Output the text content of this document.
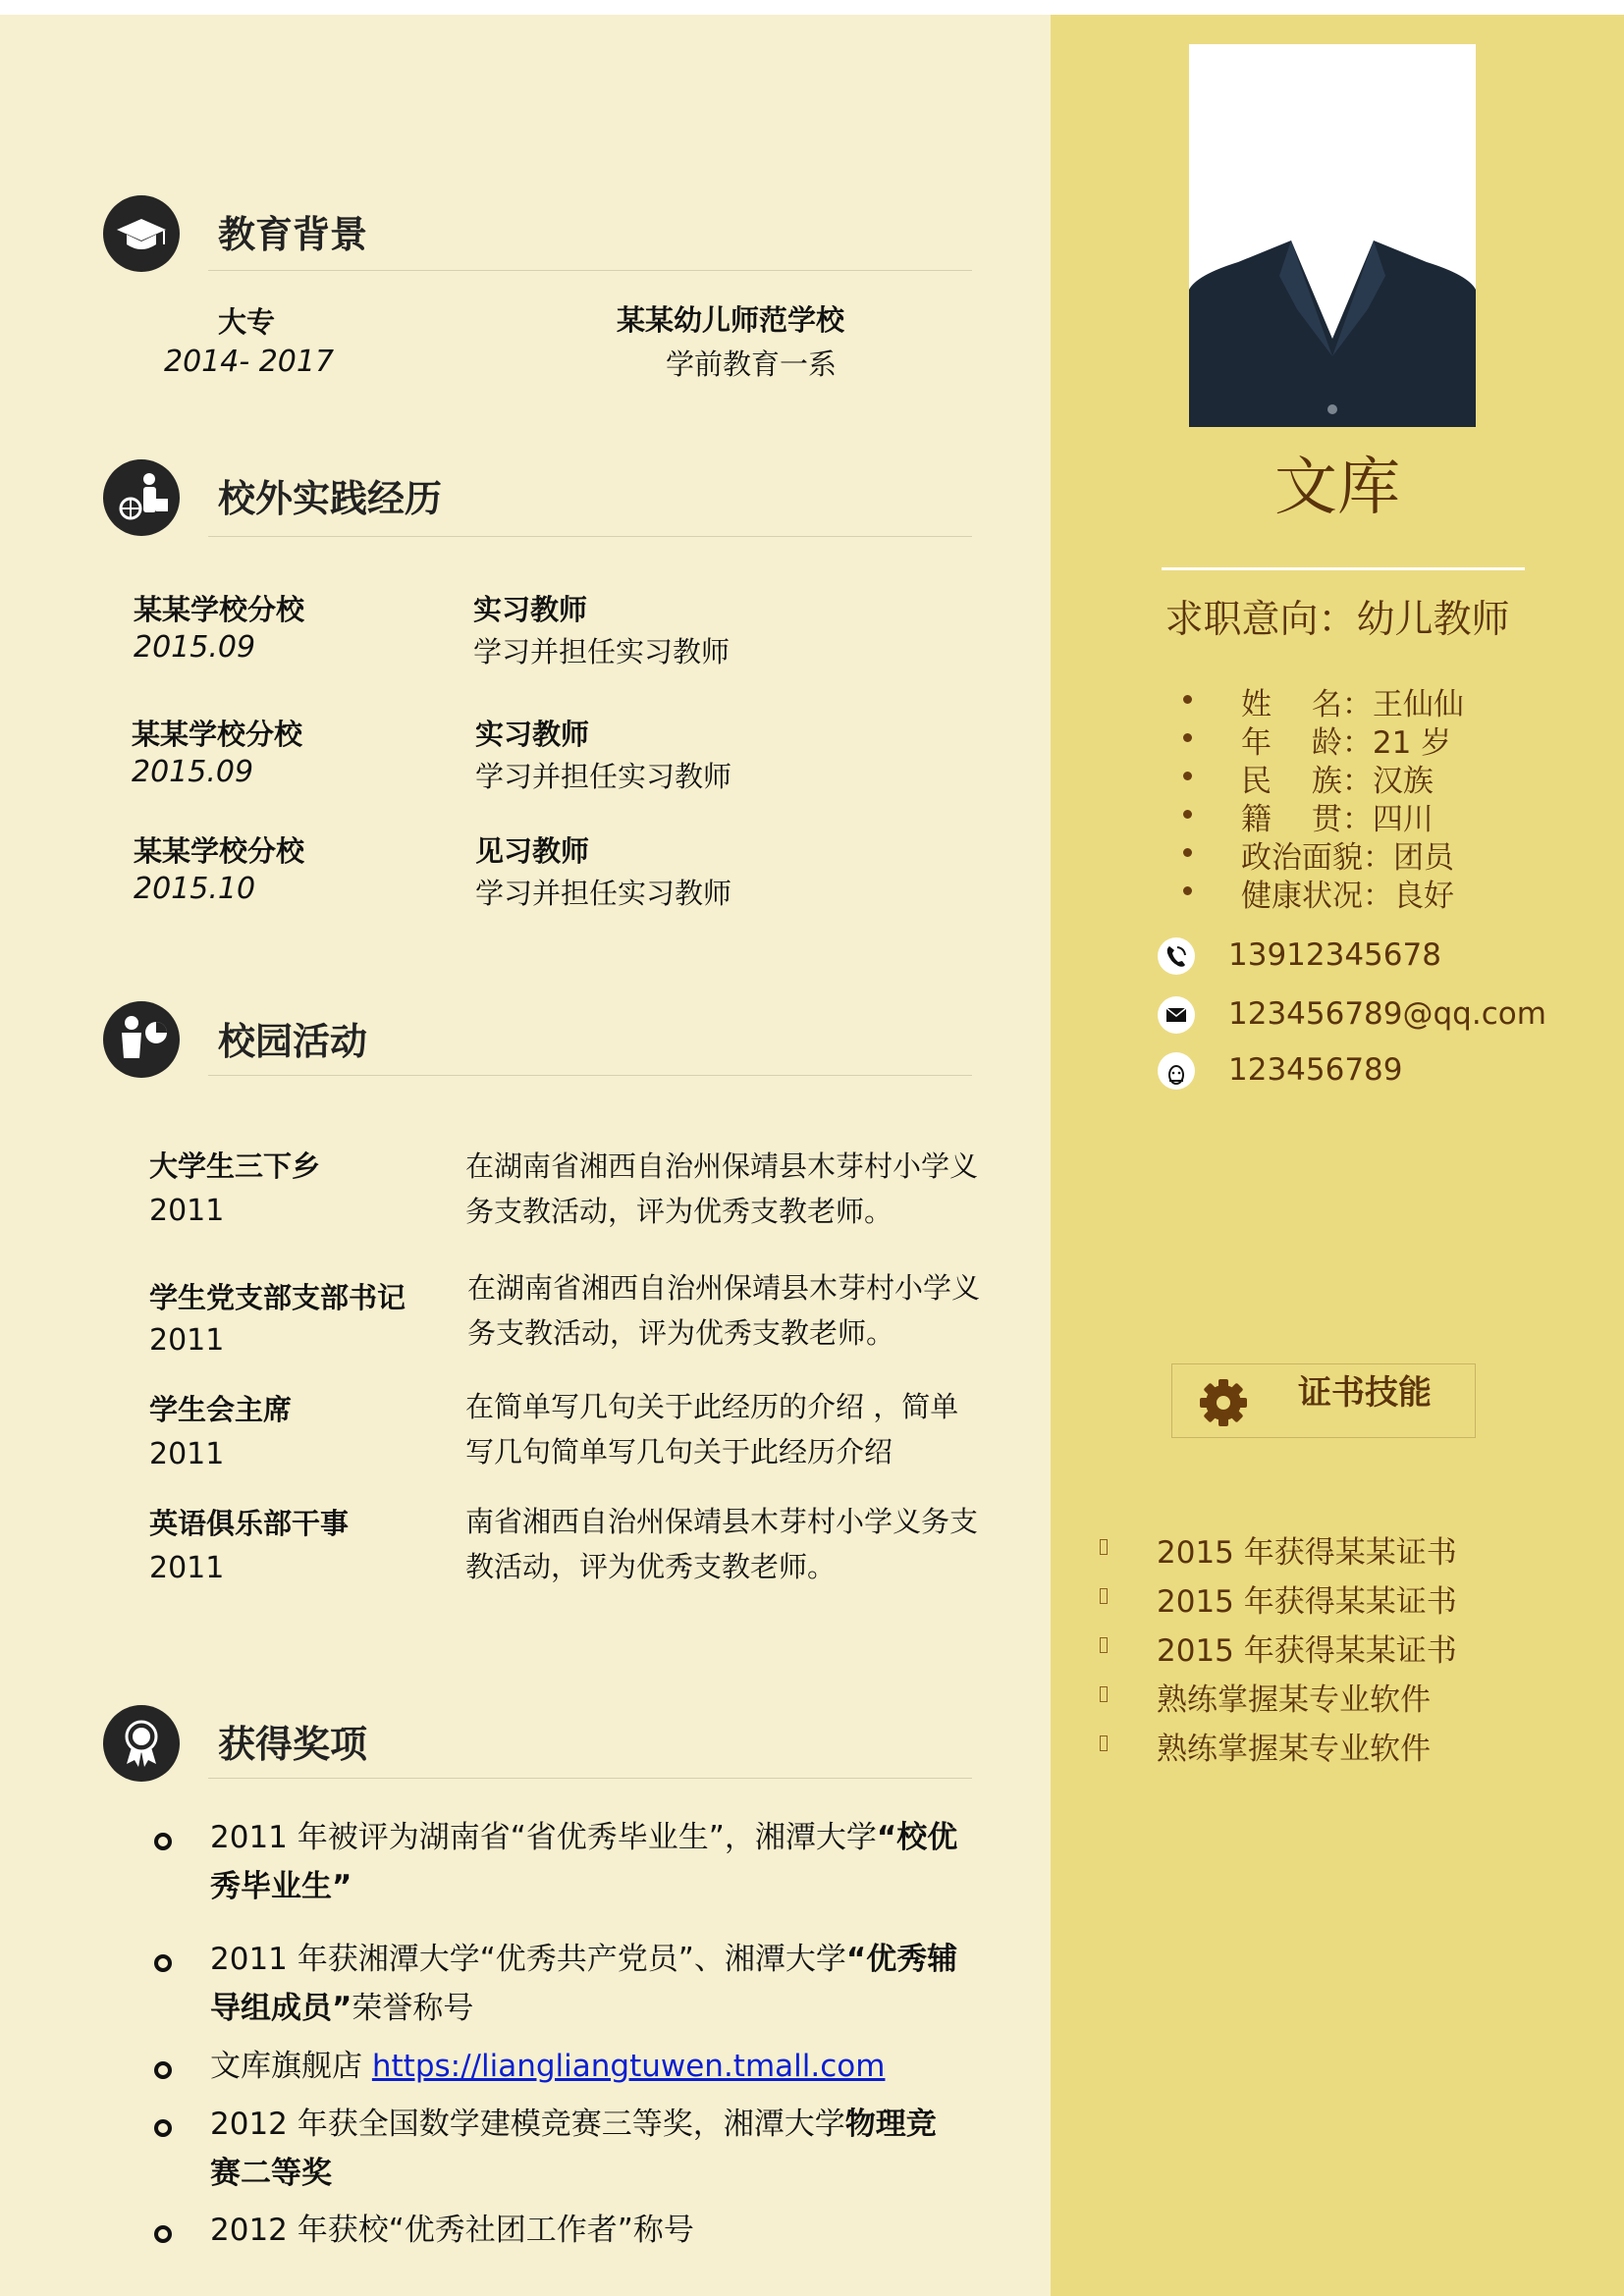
教育背景
大专
2014- 2017
某某幼儿师范学校
学前教育一系
校外实践经历
某某学校分校
2015.09
实习教师
学习并担任实习教师
某某学校分校
2015.09
实习教师
学习并担任实习教师
某某学校分校
2015.10
见习教师
学习并担任实习教师
校园活动
大学生三下乡
2011
在湖南省湘西自治州保靖县木芽村小学义务支教活动，评为优秀支教老师。
学生党支部支部书记
2011
在湖南省湘西自治州保靖县木芽村小学义务支教活动，评为优秀支教老师。
学生会主席
2011
在简单写几句关于此经历的介绍 ，简单写几句简单写几句关于此经历介绍
英语俱乐部干事
2011
南省湘西自治州保靖县木芽村小学义务支教活动，评为优秀支教老师。
获得奖项
2011 年被评为湖南省“省优秀毕业生”，湘潭大学“校优秀毕业生”
2011 年获湘潭大学“优秀共产党员”、湘潭大学“优秀辅导组成员”荣誉称号
文库旗舰店 https://liangliangtuwen.tmall.com
2012 年获全国数学建模竞赛三等奖，湘潭大学物理竞赛二等奖
2012 年获校“优秀社团工作者”称号
文库
求职意向：幼儿教师
姓　 名：王仙仙
年　 龄：21 岁
民　 族：汉族
籍　 贯：四川
政治面貌：团员
健康状况：良好
13912345678
123456789@qq.com
123456789
证书技能
2015 年获得某某证书
2015 年获得某某证书
2015 年获得某某证书
熟练掌握某专业软件
熟练掌握某专业软件
